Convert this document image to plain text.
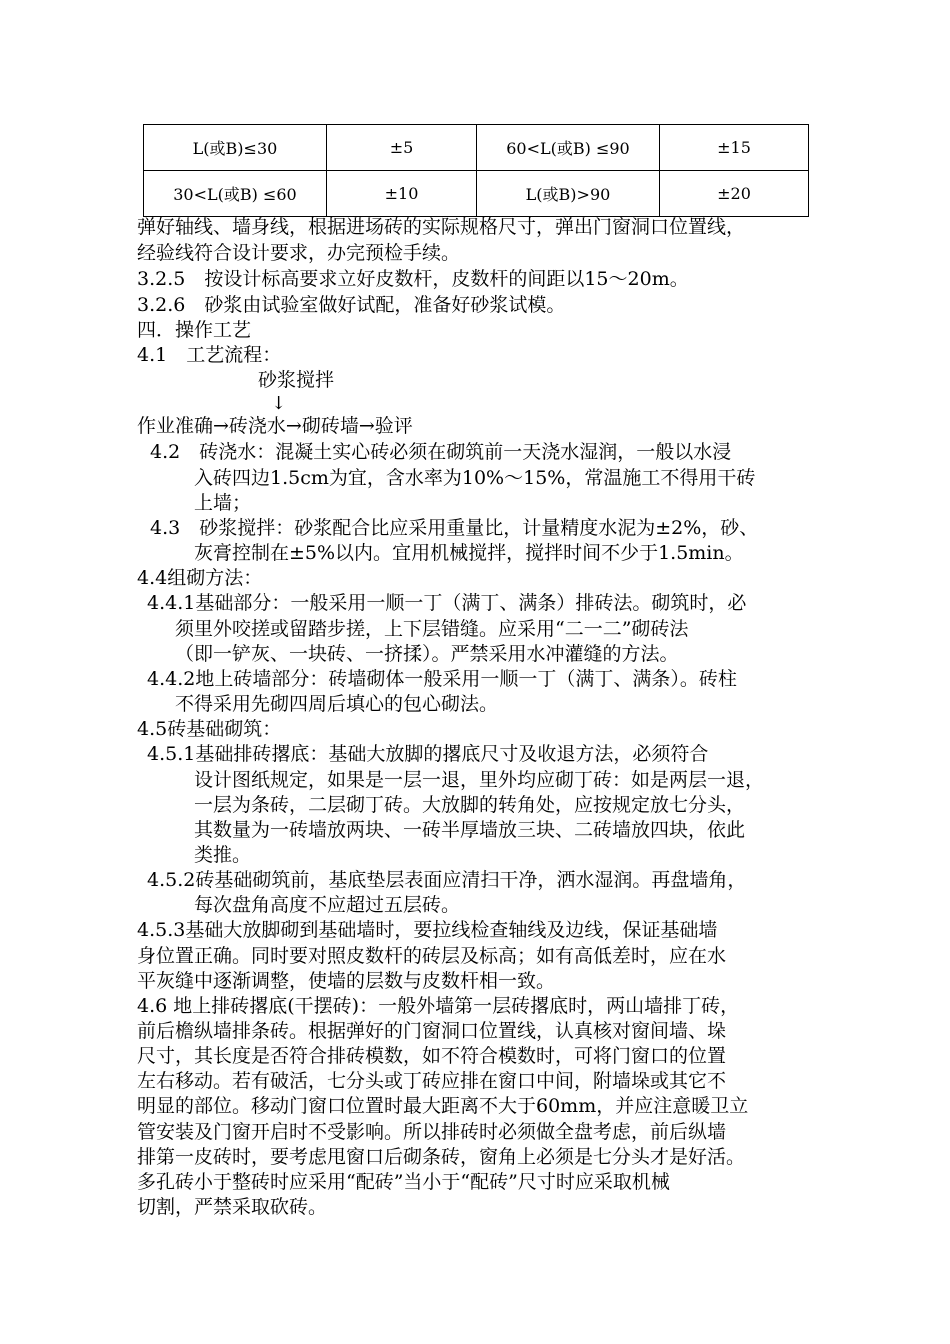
L(或B)≤30	±5	60<L(或B) ≤90	±15
30<L(或B) ≤60	±10	L(或B)>90	±20
弹好轴线、墙身线，根据进场砖的实际规格尺寸，弹出门窗洞口位置线，
经验线符合设计要求，办完预检手续。
3.2.5　按设计标高要求立好皮数杆，皮数杆的间距以15～20m。
3.2.6　砂浆由试验室做好试配，准备好砂浆试模。
四．操作工艺
4.1　工艺流程：
砂浆搅拌
↓
作业准确→砖浇水→砌砖墙→验评
4.2　砖浇水：混凝土实心砖必须在砌筑前一天浇水湿润，一般以水浸
入砖四边1.5cm为宜，含水率为10%～15%，常温施工不得用干砖
上墙；
4.3　砂浆搅拌：砂浆配合比应采用重量比，计量精度水泥为±2%，砂、
灰膏控制在±5%以内。宜用机械搅拌，搅拌时间不少于1.5min。
4.4组砌方法：
4.4.1基础部分：一般采用一顺一丁（满丁、满条）排砖法。砌筑时，必
须里外咬搓或留踏步搓，上下层错缝。应采用“二一二”砌砖法
（即一铲灰、一块砖、一挤揉）。严禁采用水冲灌缝的方法。
4.4.2地上砖墙部分：砖墙砌体一般采用一顺一丁（满丁、满条）。砖柱
不得采用先砌四周后填心的包心砌法。
4.5砖基础砌筑：
4.5.1基础排砖撂底：基础大放脚的撂底尺寸及收退方法，必须符合
设计图纸规定，如果是一层一退，里外均应砌丁砖：如是两层一退，
一层为条砖，二层砌丁砖。大放脚的转角处，应按规定放七分头，
其数量为一砖墙放两块、一砖半厚墙放三块、二砖墙放四块，依此
类推。
4.5.2砖基础砌筑前，基底垫层表面应清扫干净，洒水湿润。再盘墙角，
每次盘角高度不应超过五层砖。
4.5.3基础大放脚砌到基础墙时，要拉线检查轴线及边线，保证基础墙
身位置正确。同时要对照皮数杆的砖层及标高；如有高低差时，应在水
平灰缝中逐渐调整，使墙的层数与皮数杆相一致。
4.6 地上排砖撂底(干摆砖)：一般外墙第一层砖撂底时，两山墙排丁砖，
前后檐纵墙排条砖。根据弹好的门窗洞口位置线，认真核对窗间墙、垛
尺寸，其长度是否符合排砖模数，如不符合模数时，可将门窗口的位置
左右移动。若有破活，七分头或丁砖应排在窗口中间，附墙垛或其它不
明显的部位。移动门窗口位置时最大距离不大于60mm，并应注意暖卫立
管安装及门窗开启时不受影响。所以排砖时必须做全盘考虑，前后纵墙
排第一皮砖时，要考虑甩窗口后砌条砖，窗角上必须是七分头才是好活。
多孔砖小于整砖时应采用“配砖”当小于“配砖”尺寸时应采取机械
切割，严禁采取砍砖。
